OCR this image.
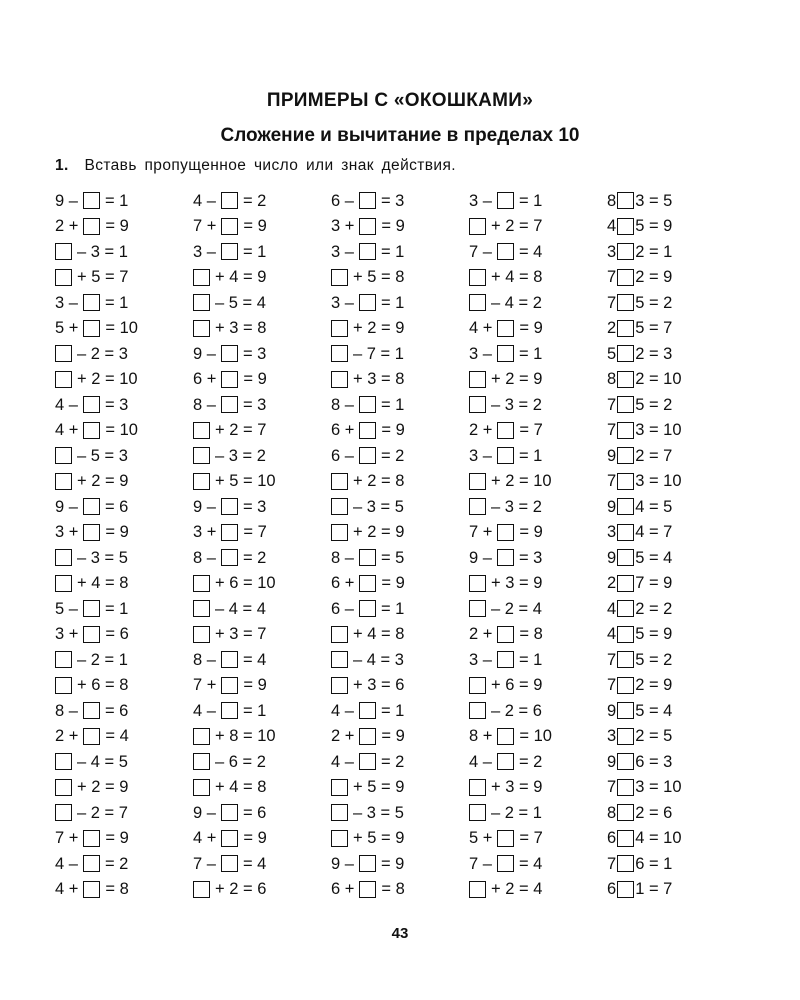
ПРИМЕРЫ С «ОКОШКАМИ»
Сложение и вычитание в пределах 10
1. Вставь пропущенное число или знак действия.
9 – = 1
2 + = 9
– 3 = 1
+ 5 = 7
3 – = 1
5 + = 10
– 2 = 3
+ 2 = 10
4 – = 3
4 + = 10
– 5 = 3
+ 2 = 9
9 – = 6
3 + = 9
– 3 = 5
+ 4 = 8
5 – = 1
3 + = 6
– 2 = 1
+ 6 = 8
8 – = 6
2 + = 4
– 4 = 5
+ 2 = 9
– 2 = 7
7 + = 9
4 – = 2
4 + = 8
4 – = 2
7 + = 9
3 – = 1
+ 4 = 9
– 5 = 4
+ 3 = 8
9 – = 3
6 + = 9
8 – = 3
+ 2 = 7
– 3 = 2
+ 5 = 10
9 – = 3
3 + = 7
8 – = 2
+ 6 = 10
– 4 = 4
+ 3 = 7
8 – = 4
7 + = 9
4 – = 1
+ 8 = 10
– 6 = 2
+ 4 = 8
9 – = 6
4 + = 9
7 – = 4
+ 2 = 6
6 – = 3
3 + = 9
3 – = 1
+ 5 = 8
3 – = 1
+ 2 = 9
– 7 = 1
+ 3 = 8
8 – = 1
6 + = 9
6 – = 2
+ 2 = 8
– 3 = 5
+ 2 = 9
8 – = 5
6 + = 9
6 – = 1
+ 4 = 8
– 4 = 3
+ 3 = 6
4 – = 1
2 + = 9
4 – = 2
+ 5 = 9
– 3 = 5
+ 5 = 9
9 – = 9
6 + = 8
3 – = 1
+ 2 = 7
7 – = 4
+ 4 = 8
– 4 = 2
4 + = 9
3 – = 1
+ 2 = 9
– 3 = 2
2 + = 7
3 – = 1
+ 2 = 10
– 3 = 2
7 + = 9
9 – = 3
+ 3 = 9
– 2 = 4
2 + = 8
3 – = 1
+ 6 = 9
– 2 = 6
8 + = 10
4 – = 2
+ 3 = 9
– 2 = 1
5 + = 7
7 – = 4
+ 2 = 4
8 3 = 5
4 5 = 9
3 2 = 1
7 2 = 9
7 5 = 2
2 5 = 7
5 2 = 3
8 2 = 10
7 5 = 2
7 3 = 10
9 2 = 7
7 3 = 10
9 4 = 5
3 4 = 7
9 5 = 4
2 7 = 9
4 2 = 2
4 5 = 9
7 5 = 2
7 2 = 9
9 5 = 4
3 2 = 5
9 6 = 3
7 3 = 10
8 2 = 6
6 4 = 10
7 6 = 1
6 1 = 7
43
